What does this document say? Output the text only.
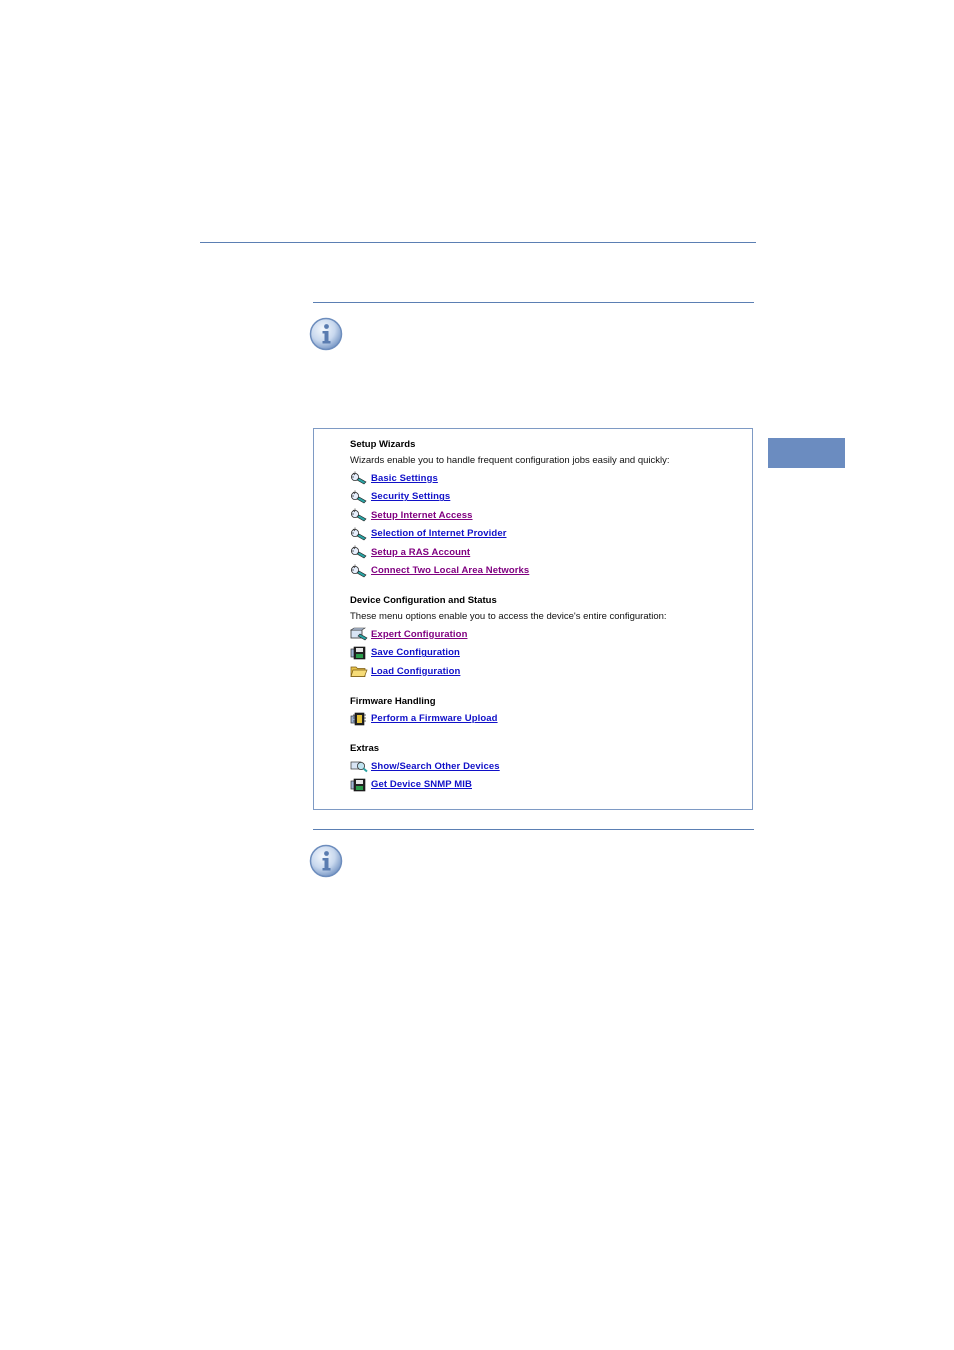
Setup Wizards
Wizards enable you to handle frequent configuration jobs easily and quickly:
Basic Settings
Security Settings
Setup Internet Access
Selection of Internet Provider
Setup a RAS Account
Connect Two Local Area Networks
Device Configuration and Status
These menu options enable you to access the device's entire configuration:
Expert Configuration
Save Configuration
Load Configuration
Firmware Handling
Perform a Firmware Upload
Extras
Show/Search Other Devices
Get Device SNMP MIB
